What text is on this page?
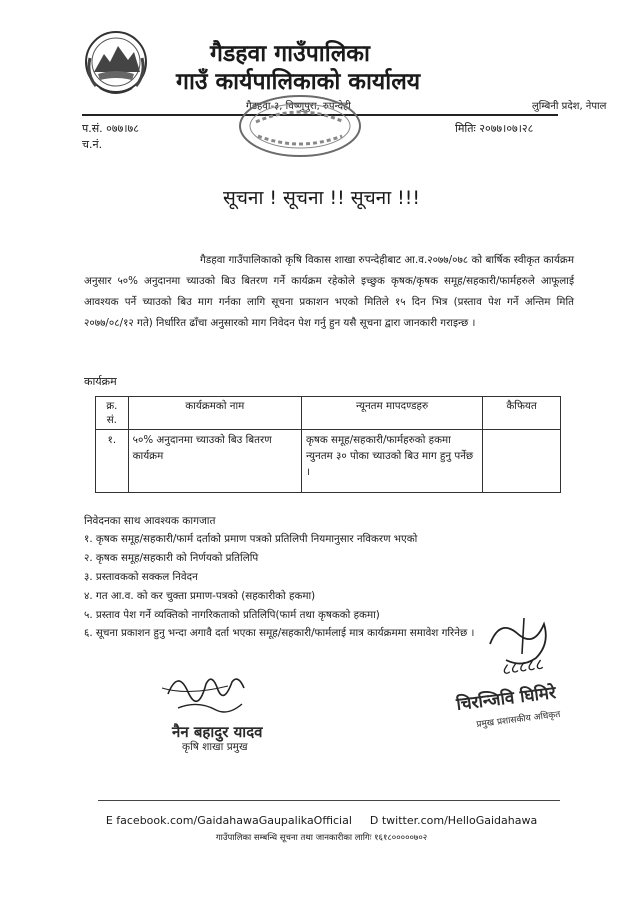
गैडहवा गाउँपालिका
गाउँ कार्यपालिकाको कार्यालय
गैडहवा-३, विष्णुपुरा, रुपन्देही	लुम्बिनी प्रदेश, नेपाल
प.सं. ०७७।७८
च.नं.
मितिः २०७७।०७।२८
सूचना ! सूचना !! सूचना !!!
गैडहवा गाउँपालिकाको कृषि विकास शाखा रुपन्देहीबाट आ.व.२०७७/०७८ को बार्षिक स्वीकृत कार्यक्रम अनुसार ५०% अनुदानमा च्याउको बिउ बितरण गर्ने कार्यक्रम रहेकोले इच्छुक कृषक/कृषक समूह/सहकारी/फार्महरुले आफूलाई आवश्यक पर्ने च्याउको बिउ माग गर्नका लागि सूचना प्रकाशन भएको मितिले १५ दिन भित्र (प्रस्ताव पेश गर्ने अन्तिम मिति २०७७/०८/१२ गते) निर्धारित ढाँचा अनुसारको माग निवेदन पेश गर्नु हुन यसै सूचना द्वारा जानकारी गराइन्छ ।
कार्यक्रम
क्र. सं.	कार्यक्रमको नाम	न्यूनतम मापदण्डहरु	कैफियत
१.	५०% अनुदानमा च्याउको बिउ बितरण कार्यक्रम	कृषक समूह/सहकारी/फार्महरुको हकमा न्युनतम ३० पोका च्याउको बिउ माग हुनु पर्नेछ ।	
निवेदनका साथ आवश्यक कागजात
१. कृषक समूह/सहकारी/फार्म दर्ताको प्रमाण पत्रको प्रतिलिपी नियमानुसार नविकरण भएको
२. कृषक समूह/सहकारी को निर्णयको प्रतिलिपि
३. प्रस्तावकको सक्कल निवेदन
४. गत आ.व. को कर चुक्ता प्रमाण-पत्रको (सहकारीको हकमा)
५. प्रस्ताव पेश गर्ने व्यक्तिको नागरिकताको प्रतिलिपि(फार्म तथा कृषकको हकमा)
६. सूचना प्रकाशन हुनु भन्दा अगावै दर्ता भएका समूह/सहकारी/फार्मलाई मात्र कार्यक्रममा समावेश गरिनेछ ।
नैन बहादुर यादव
कृषि शाखा प्रमुख
८८८८८
चिरन्जिवि घिमिरे
प्रमुख प्रशासकीय अधिकृत
E facebook.com/GaidahawaGaupalikaOfficial D twitter.com/HelloGaidahawa
गाउँपालिका सम्बन्धि सूचना तथा जानकारीका लागिः १६१८०००००७०२
